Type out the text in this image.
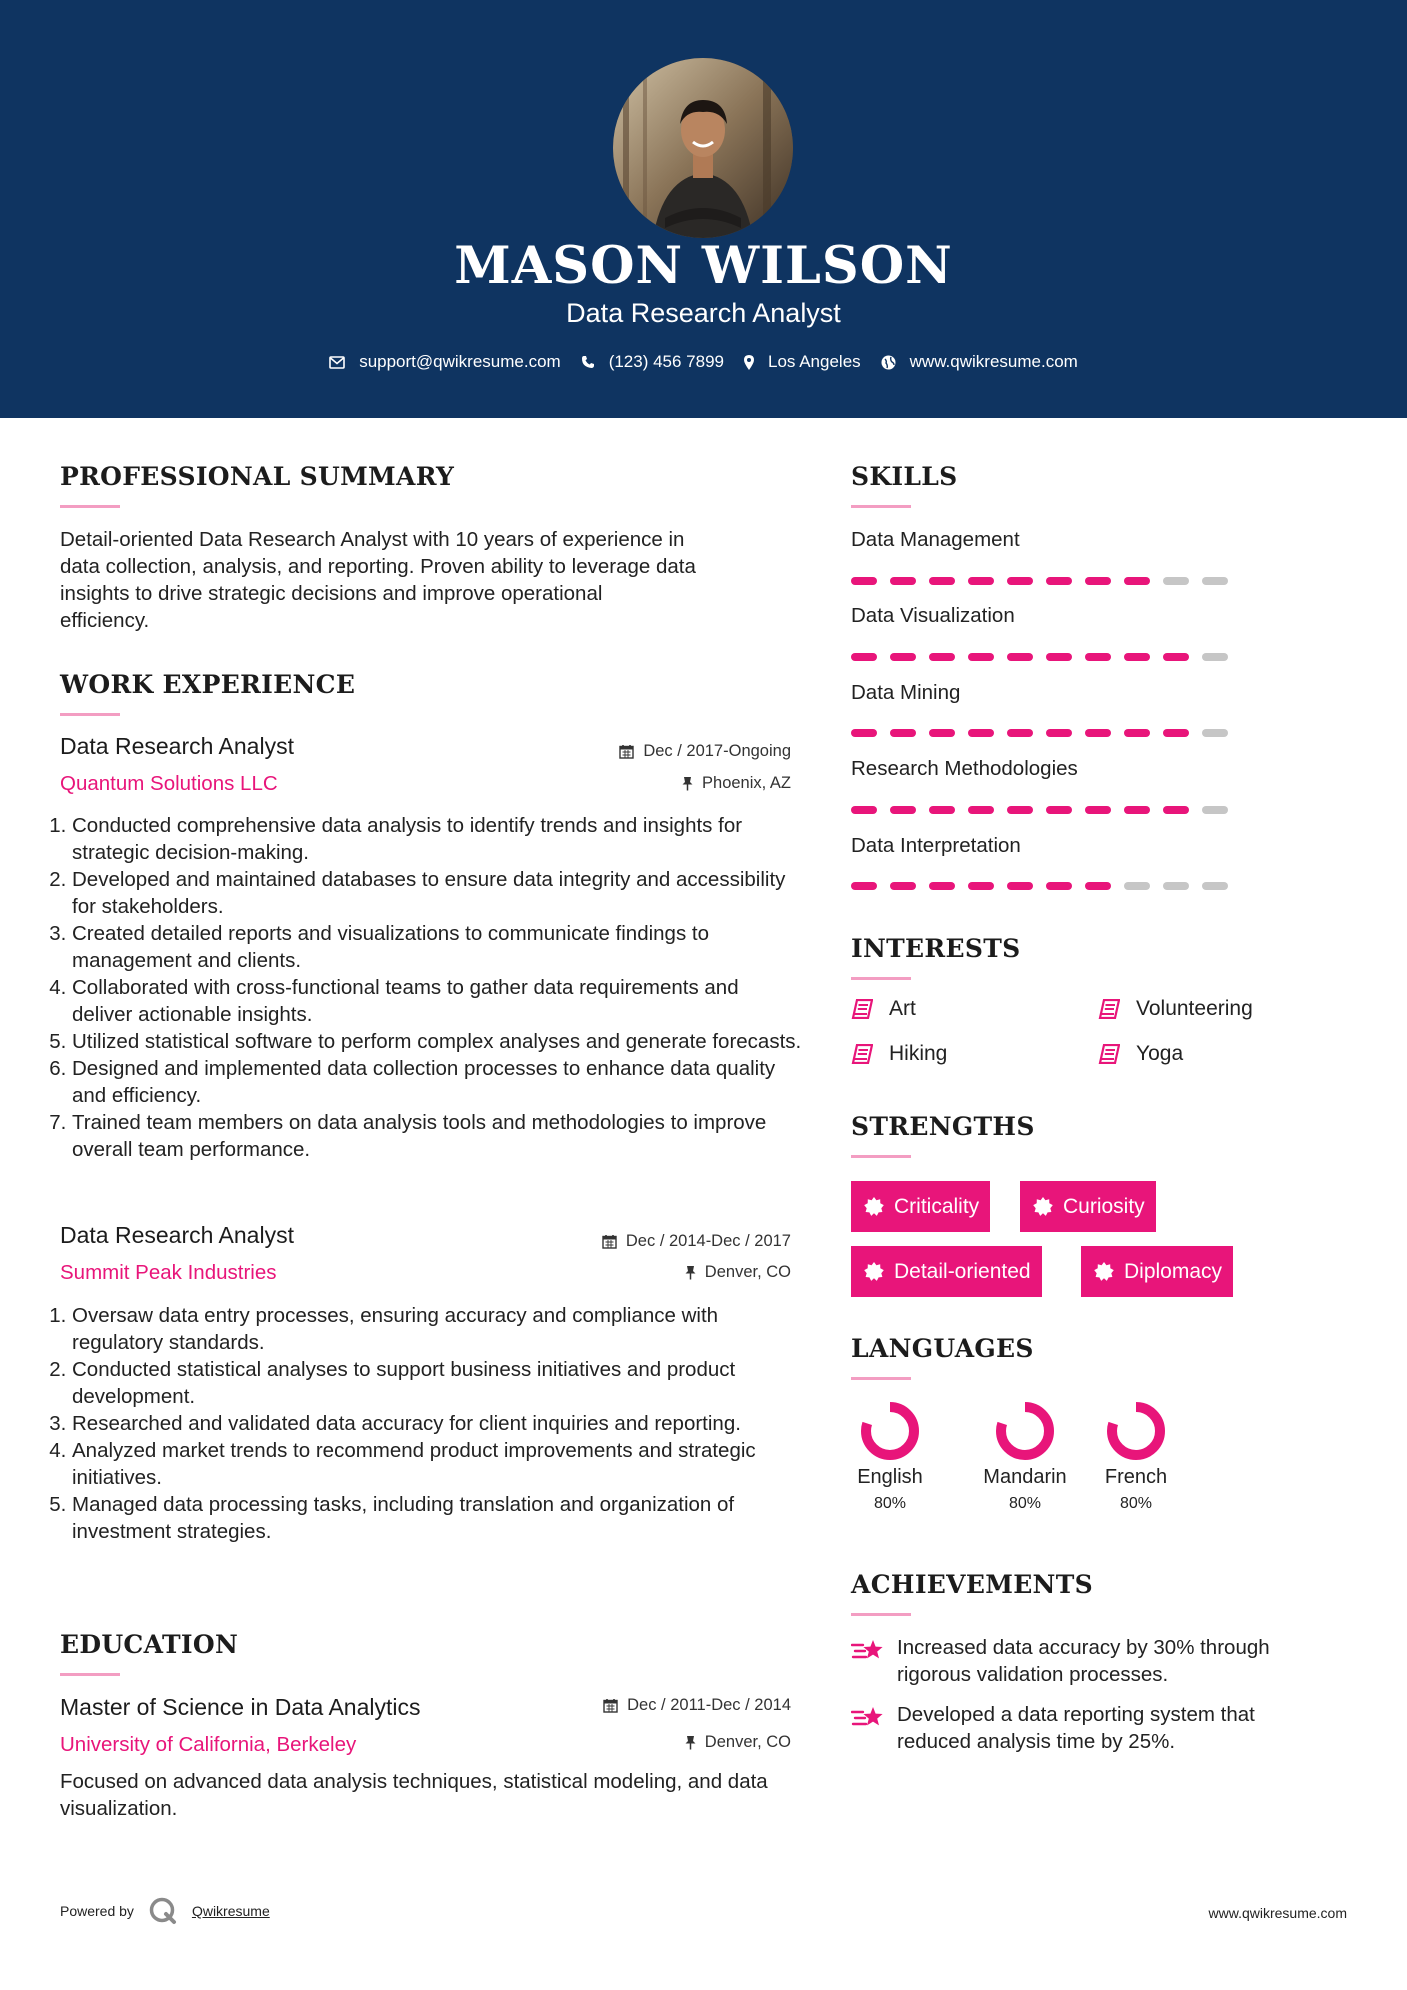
MASON WILSON
Data Research Analyst
support@qwikresume.com	(123) 456 7899	Los Angeles	www.qwikresume.com
PROFESSIONAL SUMMARY
Detail-oriented Data Research Analyst with 10 years of experience in
data collection, analysis, and reporting. Proven ability to leverage data
insights to drive strategic decisions and improve operational
efficiency.
WORK EXPERIENCE
Data Research Analyst
Quantum Solutions LLC
Dec / 2017-Ongoing
Phoenix, AZ
1. Conducted comprehensive data analysis to identify trends and insights for strategic decision-making.
2. Developed and maintained databases to ensure data integrity and accessibility for stakeholders.
3. Created detailed reports and visualizations to communicate findings to management and clients.
4. Collaborated with cross-functional teams to gather data requirements and deliver actionable insights.
5. Utilized statistical software to perform complex analyses and generate forecasts.
6. Designed and implemented data collection processes to enhance data quality and efficiency.
7. Trained team members on data analysis tools and methodologies to improve overall team performance.
Data Research Analyst
Summit Peak Industries
Dec / 2014-Dec / 2017
Denver, CO
1. Oversaw data entry processes, ensuring accuracy and compliance with regulatory standards.
2. Conducted statistical analyses to support business initiatives and product development.
3. Researched and validated data accuracy for client inquiries and reporting.
4. Analyzed market trends to recommend product improvements and strategic initiatives.
5. Managed data processing tasks, including translation and organization of investment strategies.
EDUCATION
Master of Science in Data Analytics
University of California, Berkeley
Dec / 2011-Dec / 2014
Denver, CO
Focused on advanced data analysis techniques, statistical modeling, and data visualization.
SKILLS
Data Management
Data Visualization
Data Mining
Research Methodologies
Data Interpretation
INTERESTS
Art	Volunteering
Hiking	Yoga
STRENGTHS
Criticality	Curiosity
Detail-oriented	Diplomacy
LANGUAGES
English
80%
Mandarin
80%
French
80%
ACHIEVEMENTS
Increased data accuracy by 30% through
rigorous validation processes.
Developed a data reporting system that
reduced analysis time by 25%.
Powered by	Qwikresume	www.qwikresume.com
